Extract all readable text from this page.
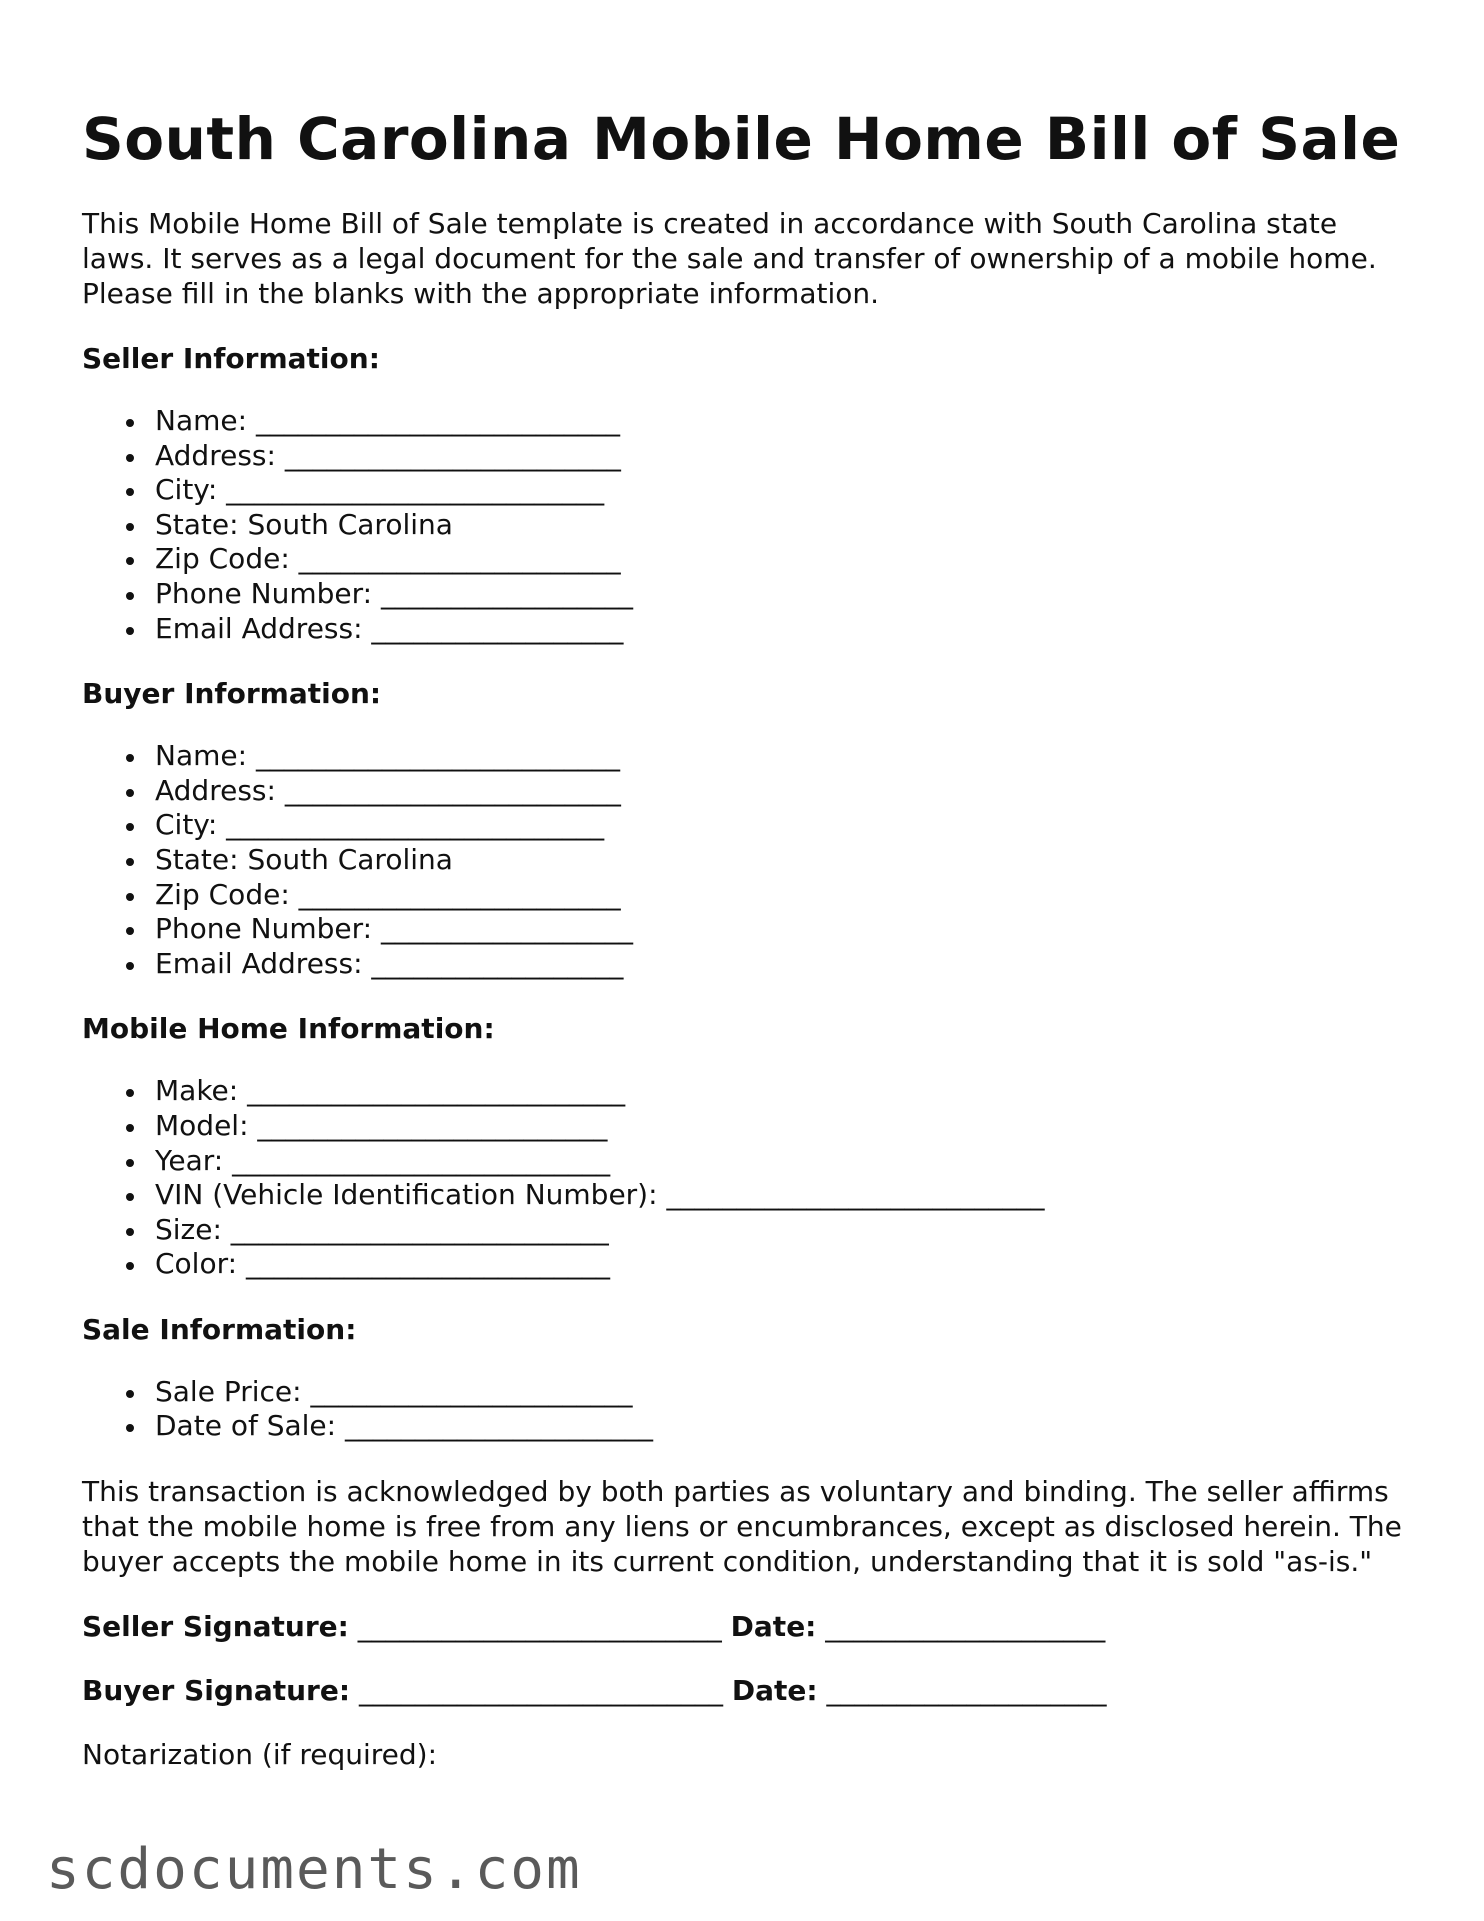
South Carolina Mobile Home Bill of Sale

This Mobile Home Bill of Sale template is created in accordance with South Carolina state laws. It serves as a legal document for the sale and transfer of ownership of a mobile home. Please fill in the blanks with the appropriate information.

Seller Information:
Name: __________________________
Address: ________________________
City: ___________________________
State: South Carolina
Zip Code: _______________________
Phone Number: __________________
Email Address: __________________
Buyer Information:
Name: __________________________
Address: ________________________
City: ___________________________
State: South Carolina
Zip Code: _______________________
Phone Number: __________________
Email Address: __________________
Mobile Home Information:
Make: ___________________________
Model: _________________________
Year: ___________________________
VIN (Vehicle Identification Number): ___________________________
Size: ___________________________
Color: __________________________
Sale Information:
Sale Price: _______________________
Date of Sale: ______________________

This transaction is acknowledged by both parties as voluntary and binding. The seller affirms that the mobile home is free from any liens or encumbrances, except as disclosed herein. The buyer accepts the mobile home in its current condition, understanding that it is sold "as-is."

Seller Signature: __________________________ Date: ____________________
Buyer Signature: __________________________ Date: ____________________

Notarization (if required):

scdocuments.com
